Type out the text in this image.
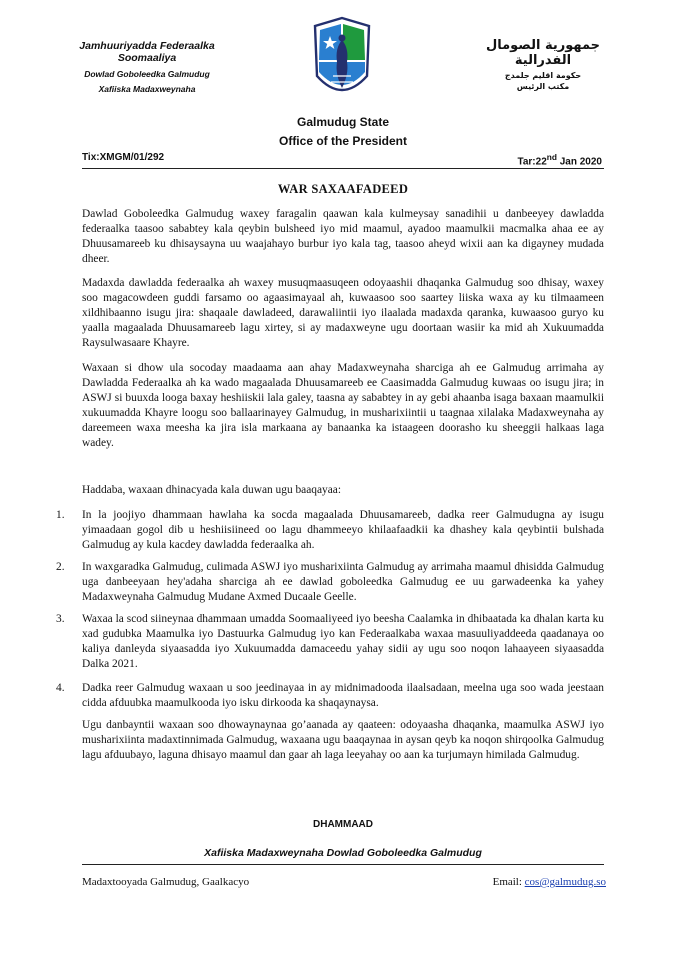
Jamhuuriyadda Federaalka Soomaaliya
Dowlad Goboleedka Galmudug
Xafiiska Madaxweynaha
جمهورية الصومال الفدرالية
حكومة اقليم جلمدج
مكتب الرئيس
Galmudug State
Office of the President
Tix:XMGM/01/292	Tar:22nd Jan 2020
WAR SAXAAFADEED

Dawlad Goboleedka Galmudug waxey faragalin qaawan kala kulmeysay sanadihii u danbeeyey dawladda federaalka taasoo sababtey kala qeybin bulsheed iyo mid maamul, ayadoo maamulkii macmalka ahaa ee ay Dhuusamareeb ku dhisaysayna uu waajahayo burbur iyo kala tag, taasoo aheyd wixii aan ka digayney mudada dheer.

Madaxda dawladda federaalka ah waxey musuqmaasuqeen odoyaashii dhaqanka Galmudug soo dhisay, waxey soo magacowdeen guddi farsamo oo agaasimayaal ah, kuwaasoo soo saartey liiska waxa ay ku tilmaameen xildhibaanno isugu jira: shaqaale dawladeed, darawaliintii iyo ilaalada madaxda qaranka, kuwaasoo guryo ku yaalla magaalada Dhuusamareeb lagu xirtey, si ay madaxweyne ugu doortaan wasiir ka mid ah Xukuumadda Raysulwasaare Khayre.

Waxaan si dhow ula socoday maadaama aan ahay Madaxweynaha sharciga ah ee Galmudug arrimaha ay Dawladda Federaalka ah ka wado magaalada Dhuusamareeb ee Caasimadda Galmudug kuwaas oo isugu jira; in ASWJ si buuxda looga baxay heshiiskii lala galey, taasna ay sababtey in ay gebi ahaanba isaga baxaan maamulkii xukuumadda Khayre loogu soo ballaarinayey Galmudug, in musharixiintii u taagnaa xilalaka Madaxweynaha ay dareemeen waxa meesha ka jira isla markaana ay banaanka ka istaageen doorasho ku sheeggii halkaas laga wadey.

Haddaba, waxaan dhinacyada kala duwan ugu baaqayaa:

1.	In la joojiyo dhammaan hawlaha ka socda magaalada Dhuusamareeb, dadka reer Galmudugna ay isugu yimaadaan gogol dib u heshiisiineed oo lagu dhammeeyo khilaafaadkii ka dhashey kala qeybintii bulshada Galmudug ay kula kacdey dawladda federaalka ah.
2.	In waxgaradka Galmudug, culimada ASWJ iyo musharixiinta Galmudug ay arrimaha maamul dhisidda Galmudug uga danbeeyaan hey'adaha sharciga ah ee dawlad goboleedka Galmudug ee uu garwadeenka ka yahey Madaxweynaha Galmudug Mudane Axmed Ducaale Geelle.
3.	Waxaa la scod siineynaa dhammaan umadda Soomaaliyeed iyo beesha Caalamka in dhibaatada ka dhalan karta ku xad gudubka Maamulka iyo Dastuurka Galmudug iyo kan Federaalkaba waxaa masuuliyaddeeda qaadanaya oo kaliya danleyda siyaasadda iyo Xukuumadda damaceedu yahay sidii ay ugu soo noqon lahaayeen siyaasadda Dalka 2021.
4.	Dadka reer Galmudug waxaan u soo jeedinayaa in ay midnimadooda ilaalsadaan, meelna uga soo wada jeestaan cidda afduubka maamulkooda iyo isku dirkooda ka shaqaynaysa.

Ugu danbayntii waxaan soo dhowaynaynaa go’aanada ay qaateen: odoyaasha dhaqanka, maamulka ASWJ iyo musharixiinta madaxtinnimada Galmudug, waxaana ugu baaqaynaa in aysan qeyb ka noqon shirqoolka Galmudug lagu afduubayo, laguna dhisayo maamul dan gaar ah laga leeyahay oo aan ka turjumayn himilada Galmudug.

DHAMMAAD
Xafiiska Madaxweynaha Dowlad Goboleedka Galmudug
Madaxtooyada Galmudug, Gaalkacyo	Email: cos@galmudug.so
